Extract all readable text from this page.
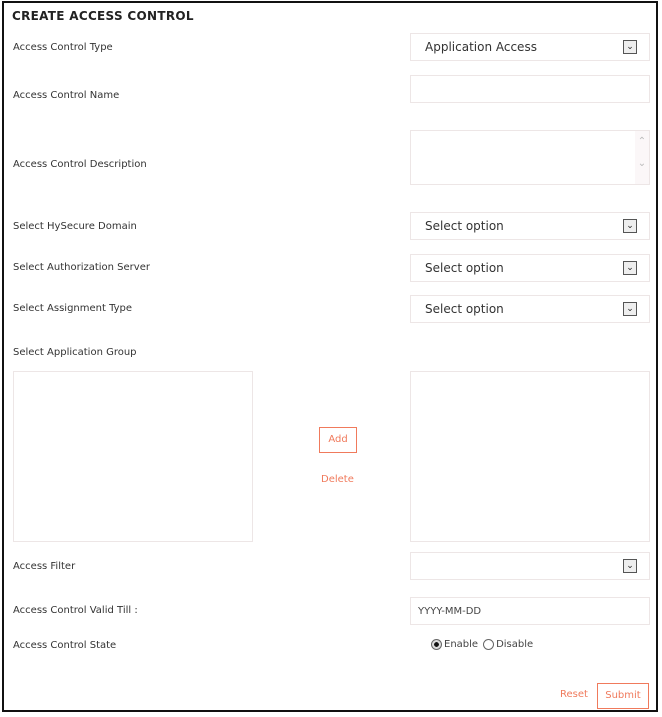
CREATE ACCESS CONTROL
Access Control Type	Application Access	⌄
Access Control Name
Access Control Description
⌃
⌄
Select HySecure Domain	Select option	⌄
Select Authorization Server	Select option	⌄
Select Assignment Type	Select option	⌄
Select Application Group
Add
Delete
Access Filter	⌄
Access Control Valid Till :	YYYY-MM-DD
Access Control State	Enable Disable
Reset	Submit
